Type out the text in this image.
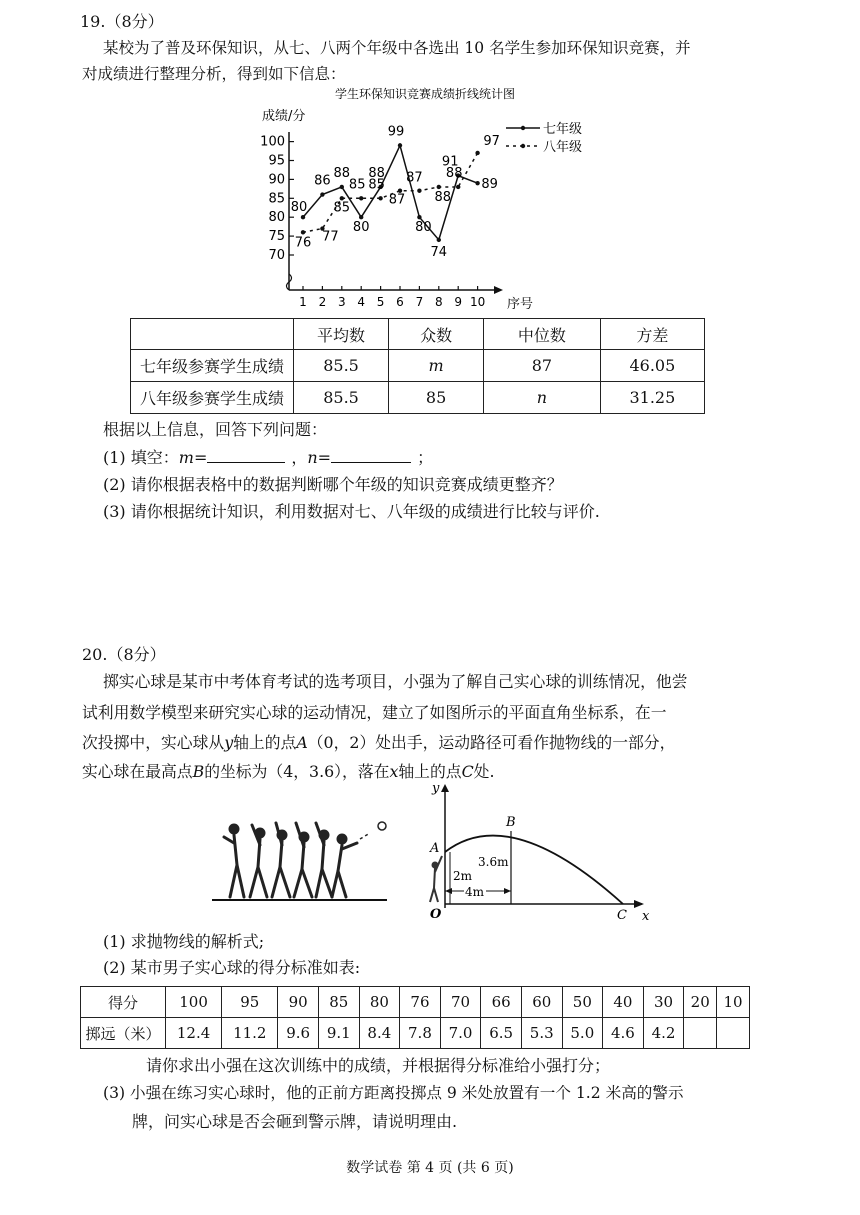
19.（8分）
某校为了普及环保知识，从七、八两个年级中各选出 10 名学生参加环保知识竞赛，并
对成绩进行整理分析，得到如下信息：
学生环保知识竞赛成绩折线统计图
成绩/分
序号
70
75
80
85
90
95
100
1 2 3 4 5 6 7 8 9 10
80
86
88
80
88
99
80
74
91
89
76 77
85
85 85
87
87
88
88
97
七年级
八年级
	平均数	众数	中位数	方差
七年级参赛学生成绩	85.5	m	87	46.05
八年级参赛学生成绩	85.5	85	n	31.25
根据以上信息，回答下列问题：
(1) 填空：m=	，n=	；
(2) 请你根据表格中的数据判断哪个年级的知识竞赛成绩更整齐？
(3) 请你根据统计知识，利用数据对七、八年级的成绩进行比较与评价.
20.（8分）
掷实心球是某市中考体育考试的选考项目，小强为了解自己实心球的训练情况，他尝
试利用数学模型来研究实心球的运动情况，建立了如图所示的平面直角坐标系，在一
次投掷中，实心球从y轴上的点A（0，2）处出手，运动路径可看作抛物线的一部分，
实心球在最高点B的坐标为（4，3.6），落在x轴上的点C处.
y
x
O
A
B
C
2m
3.6m
4m
(1) 求抛物线的解析式;
(2) 某市男子实心球的得分标准如表:
得分	100	95	90	85	80	76	70	66	60	50	40	30	20	10
掷远（米）	12.4	11.2	9.6	9.1	8.4	7.8	7.0	6.5	5.3	5.0	4.6	4.2		
请你求出小强在这次训练中的成绩，并根据得分标准给小强打分；
(3) 小强在练习实心球时，他的正前方距离投掷点 9 米处放置有一个 1.2 米高的警示
牌，问实心球是否会砸到警示牌，请说明理由.
数学试卷 第 4 页 (共 6 页)
